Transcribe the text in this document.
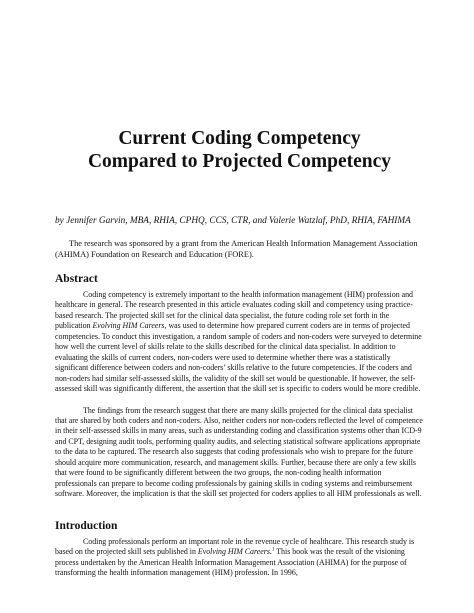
Current Coding Competency
Compared to Projected Competency

by Jennifer Garvin, MBA, RHIA, CPHQ, CCS, CTR, and Valerie Watzlaf, PhD, RHIA, FAHIMA

The research was sponsored by a grant from the American Health Information Management Association (AHIMA) Foundation on Research and Education (FORE).

Abstract

Coding competency is extremely important to the health information management (HIM) profession and healthcare in general. The research presented in this article evaluates coding skill and competency using practice-based research. The projected skill set for the clinical data specialist, the future coding role set forth in the publication Evolving HIM Careers, was used to determine how prepared current coders are in terms of projected competencies. To conduct this investigation, a random sample of coders and non-coders were surveyed to determine how well the current level of skills relate to the skills described for the clinical data specialist. In addition to evaluating the skills of current coders, non-coders were used to determine whether there was a statistically significant difference between coders and non-coders’ skills relative to the future competencies. If the coders and non-coders had similar self-assessed skills, the validity of the skill set would be questionable. If however, the self-assessed skill was significantly different, the assertion that the skill set is specific to coders would be more credible.

The findings from the research suggest that there are many skills projected for the clinical data specialist that are shared by both coders and non-coders. Also, neither coders nor non-coders reflected the level of competence in their self-assessed skills in many areas, such as understanding coding and classification systems other than ICD-9 and CPT, designing audit tools, performing quality audits, and selecting statistical software applications appropriate to the data to be captured. The research also suggests that coding professionals who wish to prepare for the future should acquire more communication, research, and management skills. Further, because there are only a few skills that were found to be significantly different between the two groups, the non-coding health information professionals can prepare to become coding professionals by gaining skills in coding systems and reimbursement software. Moreover, the implication is that the skill set projected for coders applies to all HIM professionals as well.

Introduction

Coding professionals perform an important role in the revenue cycle of healthcare. This research study is based on the projected skill sets published in Evolving HIM Careers.$^1$ This book was the result of the visioning process undertaken by the American Health Information Management Association (AHIMA) for the purpose of transforming the health information management (HIM) profession. In 1996,
